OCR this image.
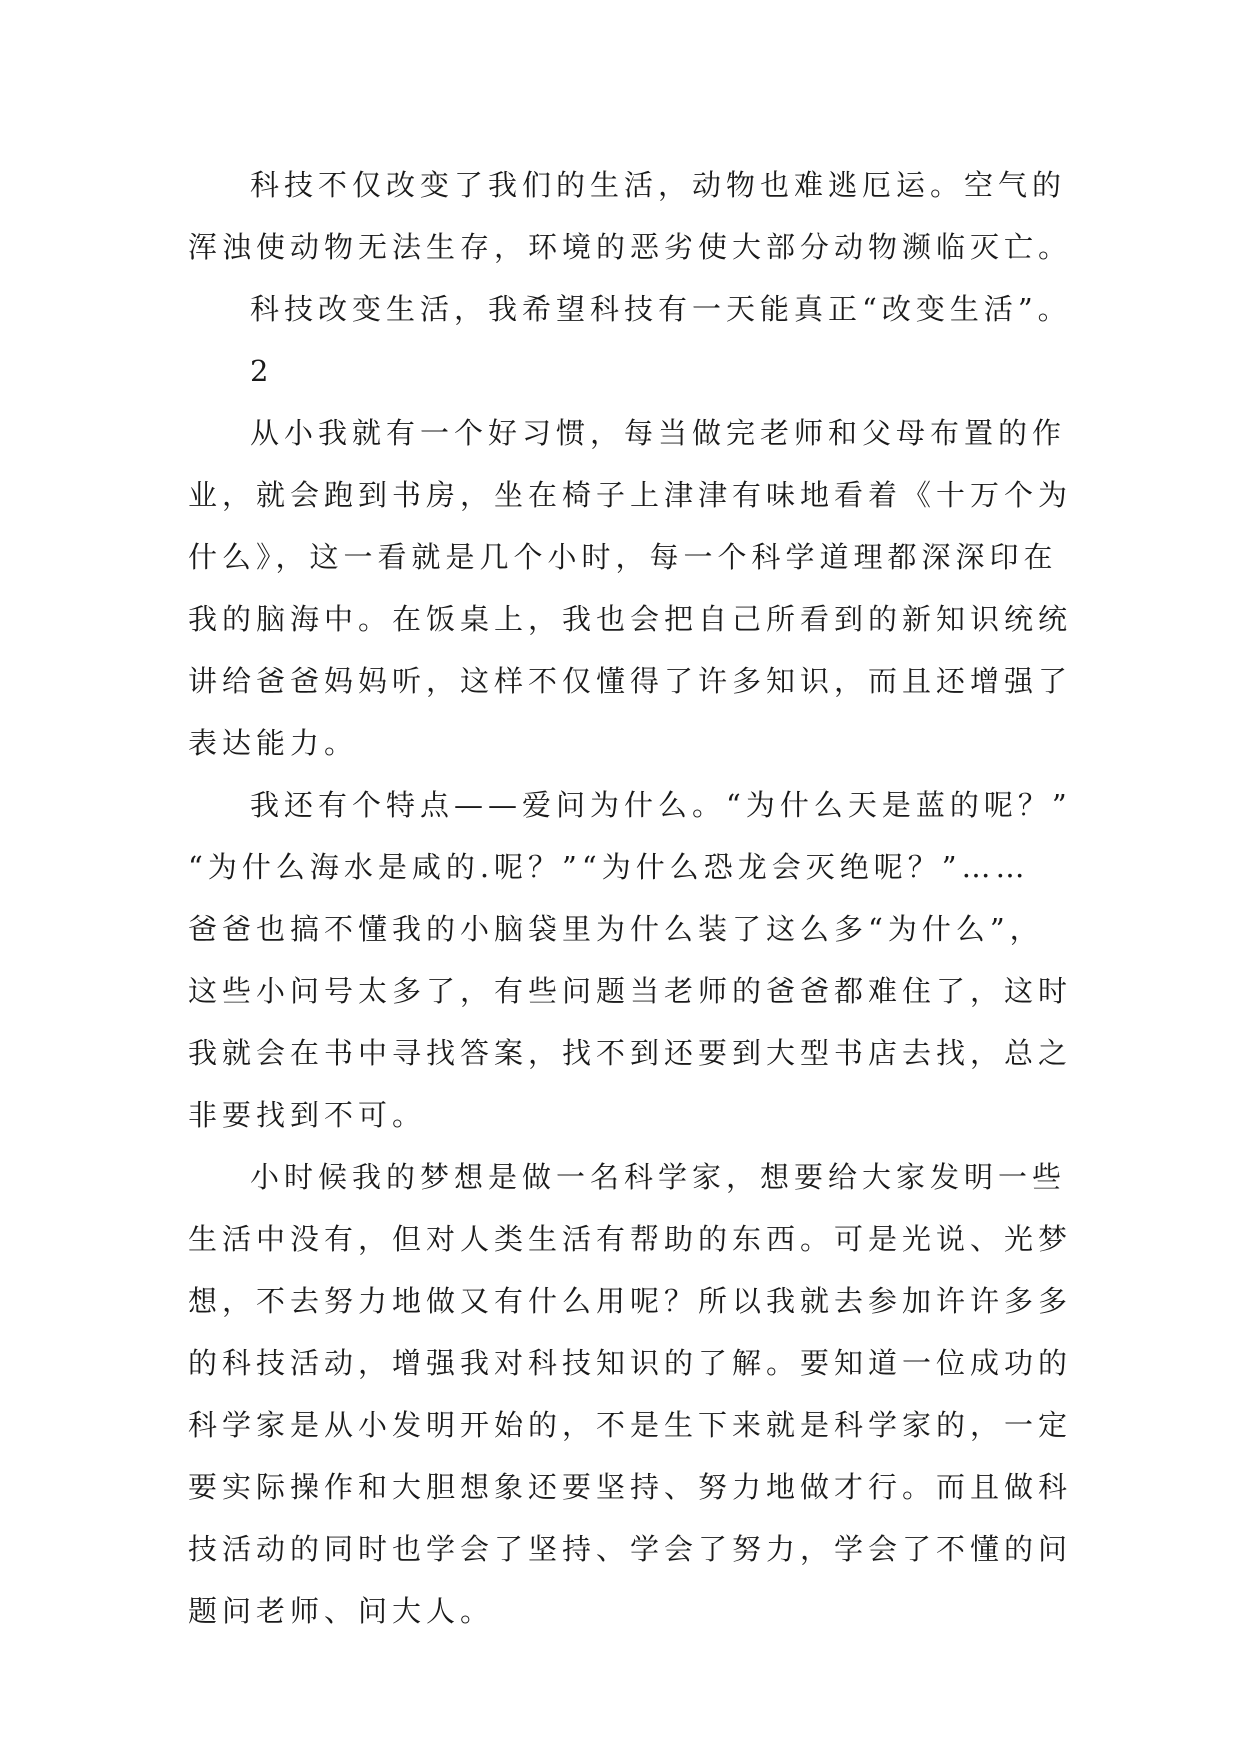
科技不仅改变了我们的生活，动物也难逃厄运。空气的
浑浊使动物无法生存，环境的恶劣使大部分动物濒临灭亡。
科技改变生活，我希望科技有一天能真正“改变生活”。
2
从小我就有一个好习惯，每当做完老师和父母布置的作
业，就会跑到书房，坐在椅子上津津有味地看着《十万个为
什么》，这一看就是几个小时，每一个科学道理都深深印在
我的脑海中。在饭桌上，我也会把自己所看到的新知识统统
讲给爸爸妈妈听，这样不仅懂得了许多知识，而且还增强了
表达能力。
我还有个特点——爱问为什么。“为什么天是蓝的呢？”
“为什么海水是咸的.呢？”“为什么恐龙会灭绝呢？”……
爸爸也搞不懂我的小脑袋里为什么装了这么多“为什么”，
这些小问号太多了，有些问题当老师的爸爸都难住了，这时
我就会在书中寻找答案，找不到还要到大型书店去找，总之
非要找到不可。
小时候我的梦想是做一名科学家，想要给大家发明一些
生活中没有，但对人类生活有帮助的东西。可是光说、光梦
想，不去努力地做又有什么用呢？所以我就去参加许许多多
的科技活动，增强我对科技知识的了解。要知道一位成功的
科学家是从小发明开始的，不是生下来就是科学家的，一定
要实际操作和大胆想象还要坚持、努力地做才行。而且做科
技活动的同时也学会了坚持、学会了努力，学会了不懂的问
题问老师、问大人。
